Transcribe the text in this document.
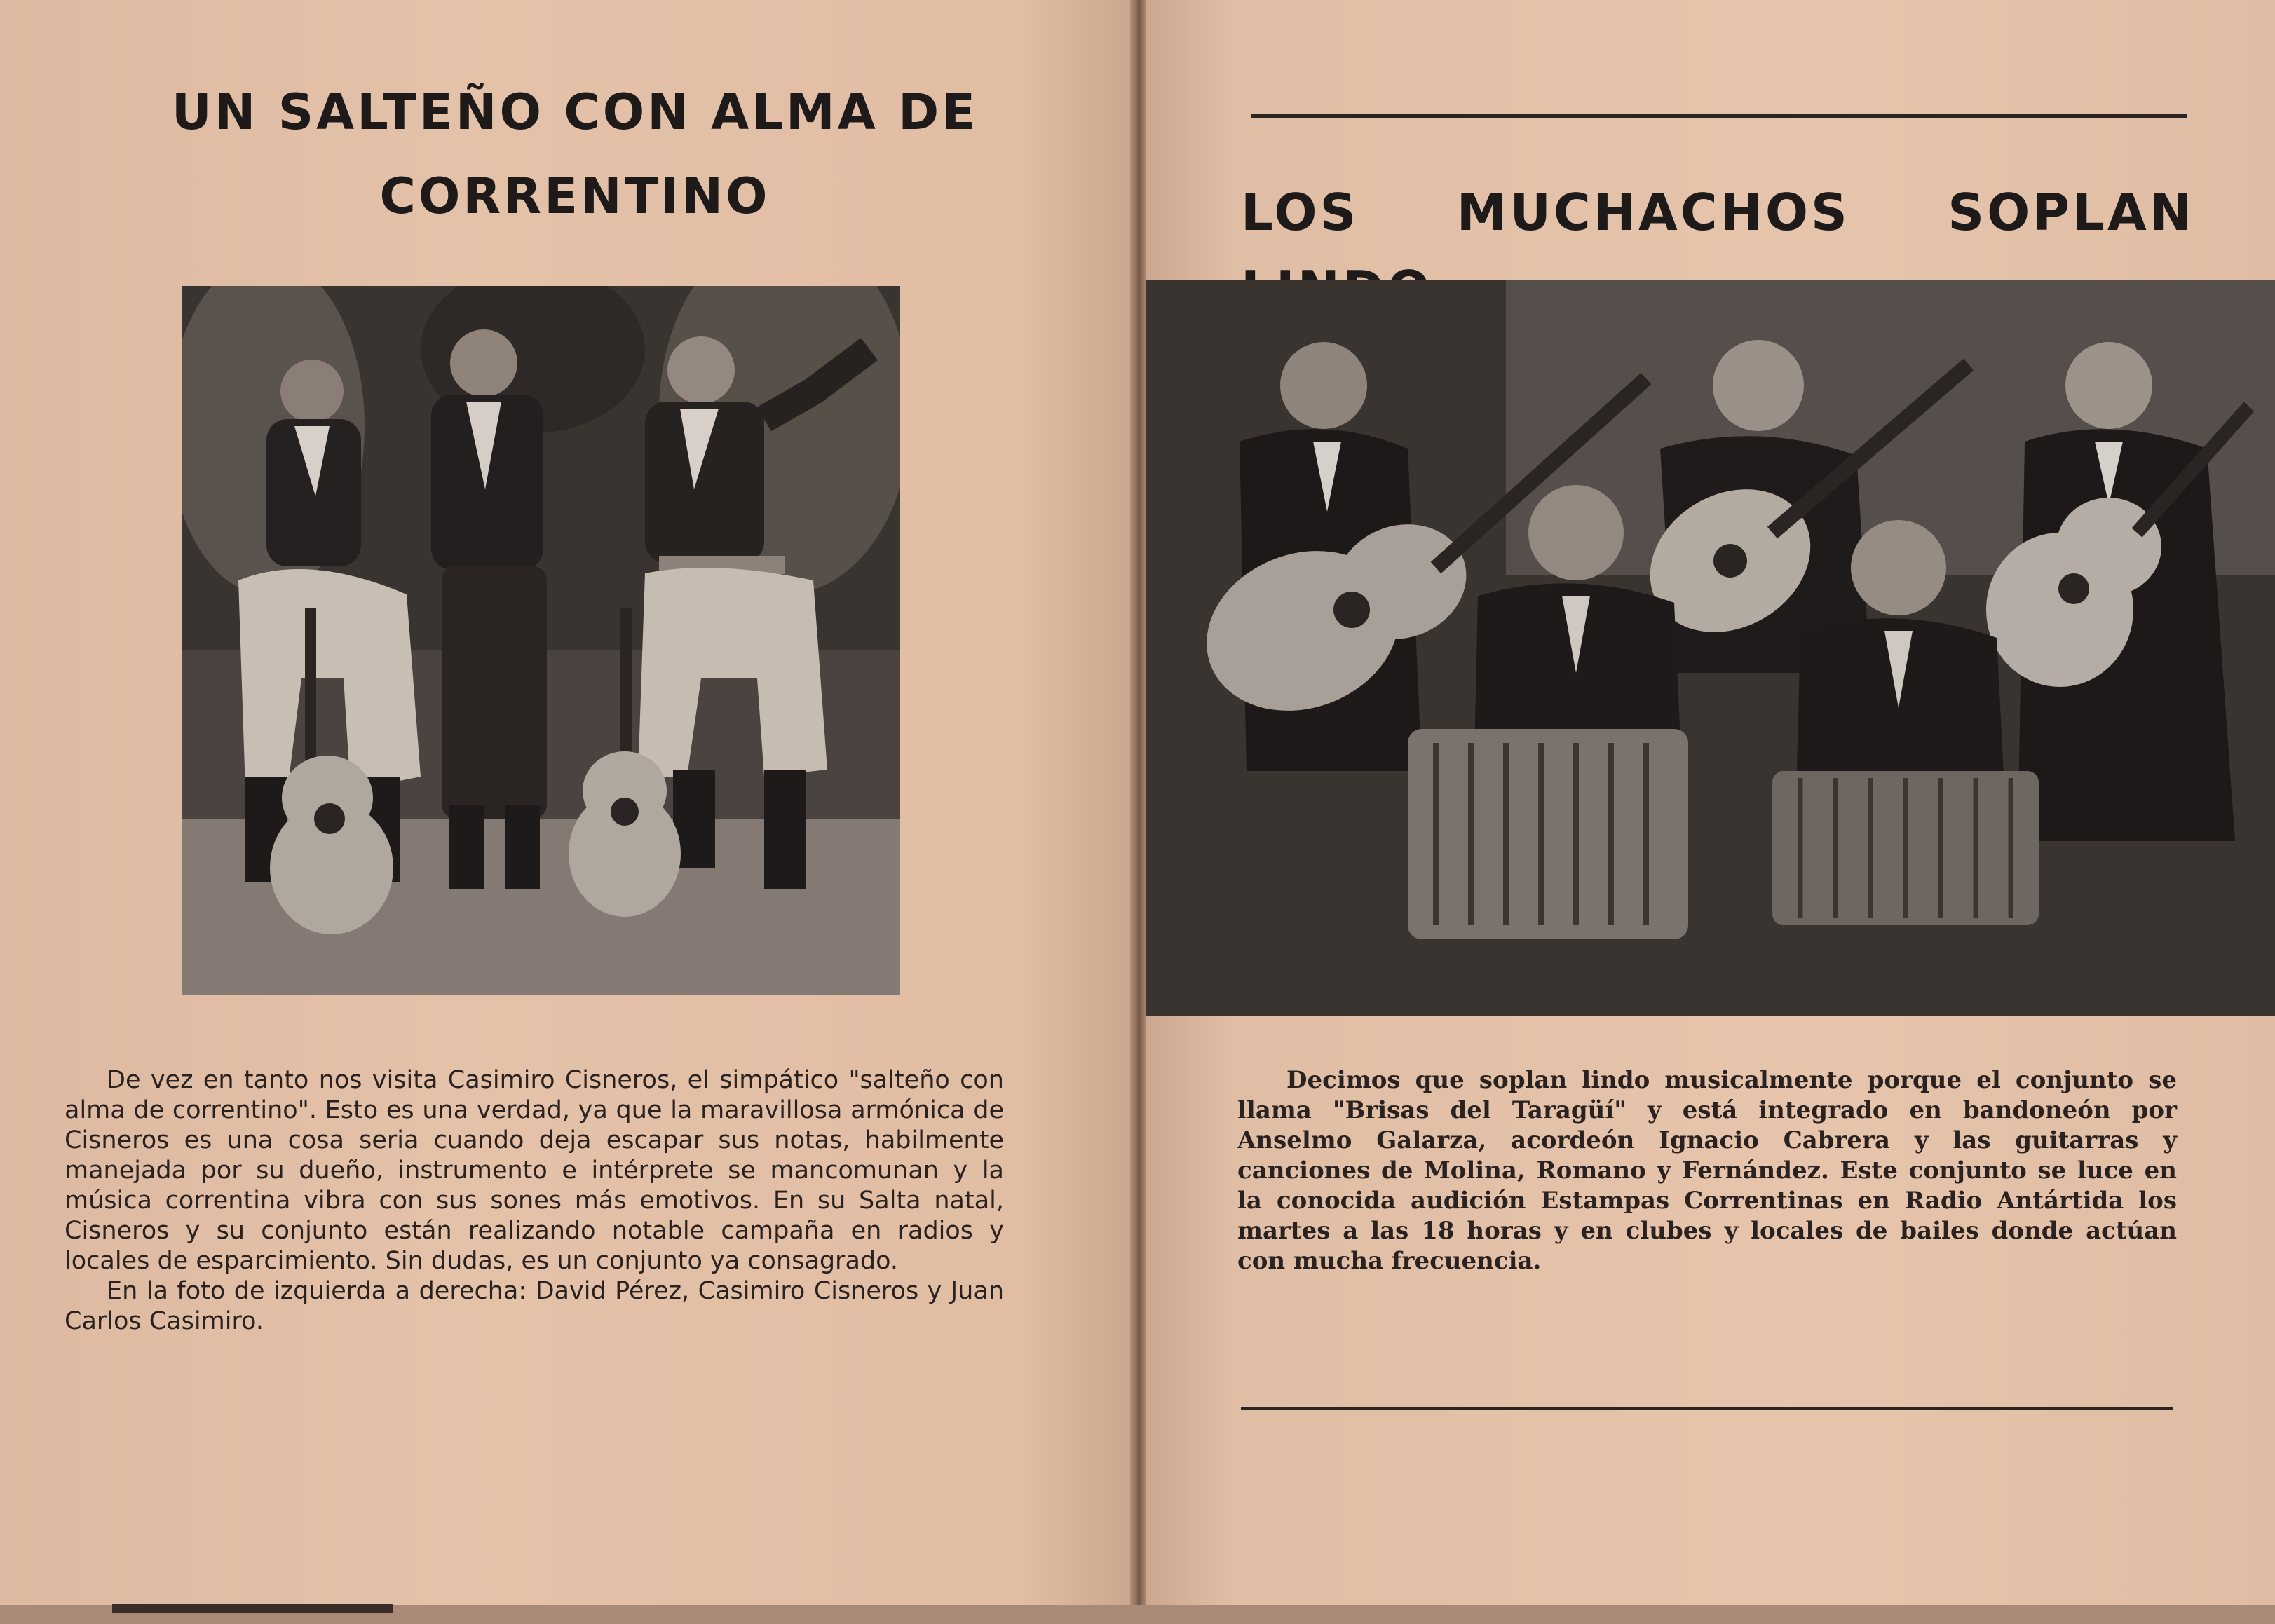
UN SALTEÑO CON ALMA DE
CORRENTINO

De vez en tanto nos visita Casimiro Cisneros, el simpático "salteño con alma de correntino". Esto es una verdad, ya que la maravillosa armónica de Cisneros es una cosa seria cuando deja escapar sus notas, habilmente manejada por su dueño, instrumento e intérprete se mancomunan y la música correntina vibra con sus sones más emotivos. En su Salta natal, Cisneros y su conjunto están realizando notable campaña en radios y locales de esparcimiento. Sin dudas, es un conjunto ya consagrado.

En la foto de izquierda a derecha: David Pérez, Casimiro Cisneros y Juan Carlos Casimiro.

LOS MUCHACHOS SOPLAN

Decimos que soplan lindo musicalmente porque el conjunto se llama "Brisas del Taragüí" y está integrado en bandoneón por Anselmo Galarza, acordeón Ignacio Cabrera y las guitarras y canciones de Molina, Romano y Fernández. Este conjunto se luce en la conocida audición Estampas Correntinas en Radio Antártida los martes a las 18 horas y en clubes y locales de bailes donde actúan con mucha frecuencia.
